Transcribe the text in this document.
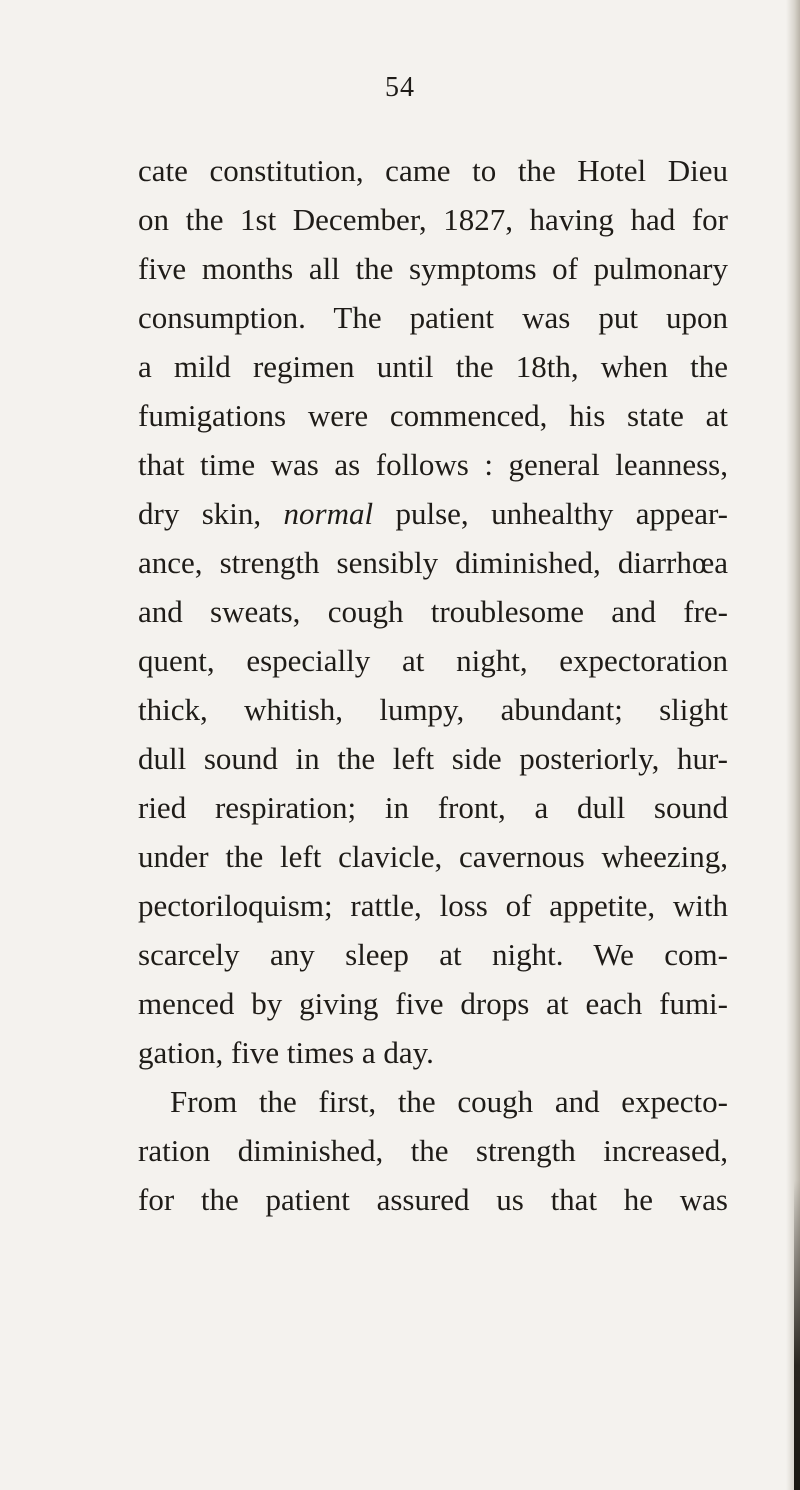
54
cate constitution, came to the Hotel Dieu
on the 1st December, 1827, having had for
five months all the symptoms of pulmonary
consumption. The patient was put upon
a mild regimen until the 18th, when the
fumigations were commenced, his state at
that time was as follows : general leanness,
dry skin, normal pulse, unhealthy appear-
ance, strength sensibly diminished, diarrhœa
and sweats, cough troublesome and fre-
quent, especially at night, expectoration
thick, whitish, lumpy, abundant; slight
dull sound in the left side posteriorly, hur-
ried respiration; in front, a dull sound
under the left clavicle, cavernous wheezing,
pectoriloquism; rattle, loss of appetite, with
scarcely any sleep at night. We com-
menced by giving five drops at each fumi-
gation, five times a day.
From the first, the cough and expecto-
ration diminished, the strength increased,
for the patient assured us that he was
